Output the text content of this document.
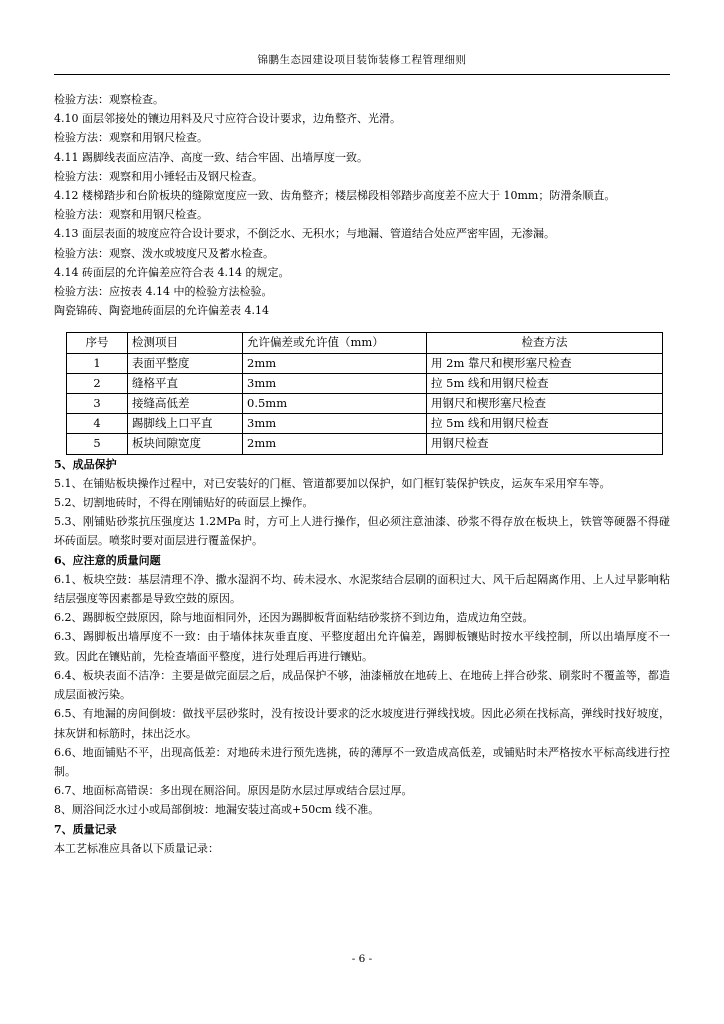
锦鹏生态园建设项目装饰装修工程管理细则

检验方法：观察检查。

4.10 面层邻接处的镶边用料及尺寸应符合设计要求，边角整齐、光滑。

检验方法：观察和用钢尺检查。

4.11 踢脚线表面应洁净、高度一致、结合牢固、出墙厚度一致。

检验方法：观察和用小锤轻击及钢尺检查。

4.12 楼梯踏步和台阶板块的缝隙宽度应一致、齿角整齐；楼层梯段相邻踏步高度差不应大于 10mm；防滑条顺直。

检验方法：观察和用钢尺检查。

4.13 面层表面的坡度应符合设计要求，不倒泛水、无积水；与地漏、管道结合处应严密牢固，无渗漏。

检验方法：观察、泼水或坡度尺及蓄水检查。

4.14 砖面层的允许偏差应符合表 4.14 的规定。

检验方法：应按表 4.14 中的检验方法检验。

陶瓷锦砖、陶瓷地砖面层的允许偏差表 4.14

序号	检测项目	允许偏差或允许值（mm）	检查方法
1	表面平整度	2mm	用 2m 靠尺和楔形塞尺检查
2	缝格平直	3mm	拉 5m 线和用钢尺检查
3	接缝高低差	0.5mm	用钢尺和楔形塞尺检查
4	踢脚线上口平直	3mm	拉 5m 线和用钢尺检查
5	板块间隙宽度	2mm	用钢尺检查

5、成品保护

5.1、在铺贴板块操作过程中，对已安装好的门框、管道都要加以保护，如门框钉装保护铁皮，运灰车采用窄车等。

5.2、切割地砖时，不得在刚铺贴好的砖面层上操作。

5.3、刚铺贴砂浆抗压强度达 1.2MPa 时，方可上人进行操作，但必须注意油漆、砂浆不得存放在板块上，铁管等硬器不得碰坏砖面层。喷浆时要对面层进行覆盖保护。

6、应注意的质量问题

6.1、板块空鼓：基层清理不净、撒水湿润不均、砖未浸水、水泥浆结合层刷的面积过大、风干后起隔离作用、上人过早影响粘结层强度等因素都是导致空鼓的原因。

6.2、踢脚板空鼓原因，除与地面相同外，还因为踢脚板背面粘结砂浆挤不到边角，造成边角空鼓。

6.3、踢脚板出墙厚度不一致：由于墙体抹灰垂直度、平整度超出允许偏差，踢脚板镶贴时按水平线控制，所以出墙厚度不一致。因此在镶贴前，先检查墙面平整度，进行处理后再进行镶贴。

6.4、板块表面不洁净：主要是做完面层之后，成品保护不够，油漆桶放在地砖上、在地砖上拌合砂浆、刷浆时不覆盖等，都造成层面被污染。

6.5、有地漏的房间倒坡：做找平层砂浆时，没有按设计要求的泛水坡度进行弹线找坡。因此必须在找标高，弹线时找好坡度，抹灰饼和标筋时，抹出泛水。

6.6、地面铺贴不平，出现高低差：对地砖未进行预先选挑，砖的薄厚不一致造成高低差，或铺贴时未严格按水平标高线进行控制。

6.7、地面标高错误：多出现在厕浴间。原因是防水层过厚或结合层过厚。

8、厕浴间泛水过小或局部倒坡：地漏安装过高或+50cm 线不准。

7、质量记录

本工艺标准应具备以下质量记录：

- 6 -
